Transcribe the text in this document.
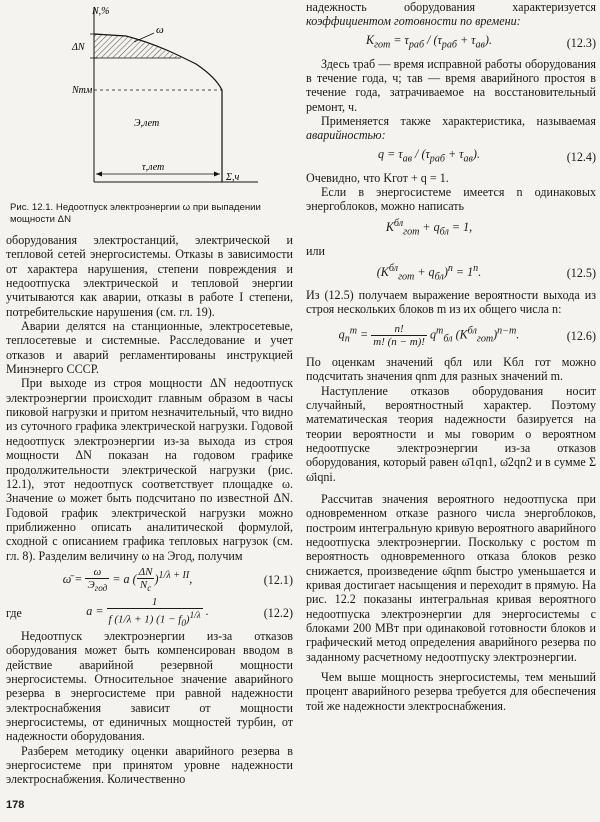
N,%
ΔN
Nтм
ω
Э,лет
τ,лет
Σ,ч
Рис. 12.1. Недоотпуск электроэнергии ω при выпадении мощности ΔN

оборудования электростанций, электрической и тепловой сетей энергосистемы. Отказы в зависимости от характера нарушения, степени повреждения и недоотпуска электрической и тепловой энергии учитываются как аварии, отказы в работе I степени, потребительские нарушения (см. гл. 19).

Аварии делятся на станционные, электросетевые, теплосетевые и системные. Расследование и учет отказов и аварий регламентированы инструкцией Минэнерго СССР.

При выходе из строя мощности ΔN недоотпуск электроэнергии происходит главным образом в часы пиковой нагрузки и притом незначительный, что видно из суточного графика электрической нагрузки. Годовой недоотпуск электроэнергии из-за выхода из строя мощности ΔN показан на годовом графике продолжительности электрической нагрузки (рис. 12.1), этот недоотпуск соответствует площадке ω. Значение ω может быть подсчитано по известной ΔN. Годовой график электрической нагрузки можно приближенно описать аналитической формулой, сходной с описанием графика тепловых нагрузок (см. гл. 8). Разделим величину ω на Эгод, получим

ω̄ = $\frac{\omega}{Э_{год}} = a$ ( $\frac{\Delta N}{N_c} )^{1/\lambda + II}$,	(12.1)
где	$a = \frac{1}{f (1/\lambda + 1) (1 - f_0)^{1/\lambda}}$ .	(12.2)

Недоотпуск электроэнергии из-за отказов оборудования может быть компенсирован вводом в действие аварийной резервной мощности энергосистемы. Относительное значение аварийного резерва в энергосистеме при равной надежности электроснабжения зависит от мощности энергосистемы, от единичных мощностей турбин, от надежности оборудования.

Разберем методику оценки аварийного резерва в энергосистеме при принятом уровне надежности электроснабжения. Количественно

надежность оборудования характеризуется коэффициентом готовности по времени:

$K_{гот} = \tau_{раб} / (\tau_{раб} + \tau_{ав})$.	(12.3)

Здесь τраб — время исправной работы оборудования в течение года, ч; τав — время аварийного простоя в течение года, затрачиваемое на восстановительный ремонт, ч.

Применяется также характеристика, называемая аварийностью:

$q = \tau_{ав} / (\tau_{раб} + \tau_{ав})$.	(12.4)

Очевидно, что Kгот + q = 1.

Если в энергосистеме имеется n одинаковых энергоблоков, можно написать

$K^{бл}_{гот} + q_{бл} = 1$,

или

$(K^{бл}_{гот} + q_{бл})^n = 1^n$.	(12.5)

Из (12.5) получаем выражение вероятности выхода из строя нескольких блоков m из их общего числа n:

$q_n^m = \frac{n!}{m! (n - m)!} q^m_{бл}$ $(K^{бл}_{гот})^{n-m}$.	(12.6)

По оценкам значений qбл или Kбл гот можно подсчитать значения qnm для разных значений m.

Наступление отказов оборудования носит случайный, вероятностный характер. Поэтому математическая теория надежности базируется на теории вероятности и мы говорим о вероятном недоотпуске электроэнергии из-за отказов оборудования, который равен ω̄1qn1, ω̄2qn2 и в сумме Σ ω̄iqni.

Рассчитав значения вероятного недоотпуска при одновременном отказе разного числа энергоблоков, построим интегральную кривую вероятного аварийного недоотпуска электроэнергии. Поскольку с ростом m вероятность одновременного отказа блоков резко снижается, произведение ω̄qnm быстро уменьшается и кривая достигает насыщения и переходит в прямую. На рис. 12.2 показаны интегральная кривая вероятного недоотпуска электроэнергии для энергосистемы с блоками 200 МВт при одинаковой готовности блоков и графический метод определения аварийного резерва по заданному расчетному недоотпуску электроэнергии.

Чем выше мощность энергосистемы, тем меньший процент аварийного резерва требуется для обеспечения той же надежности электроснабжения.

178
